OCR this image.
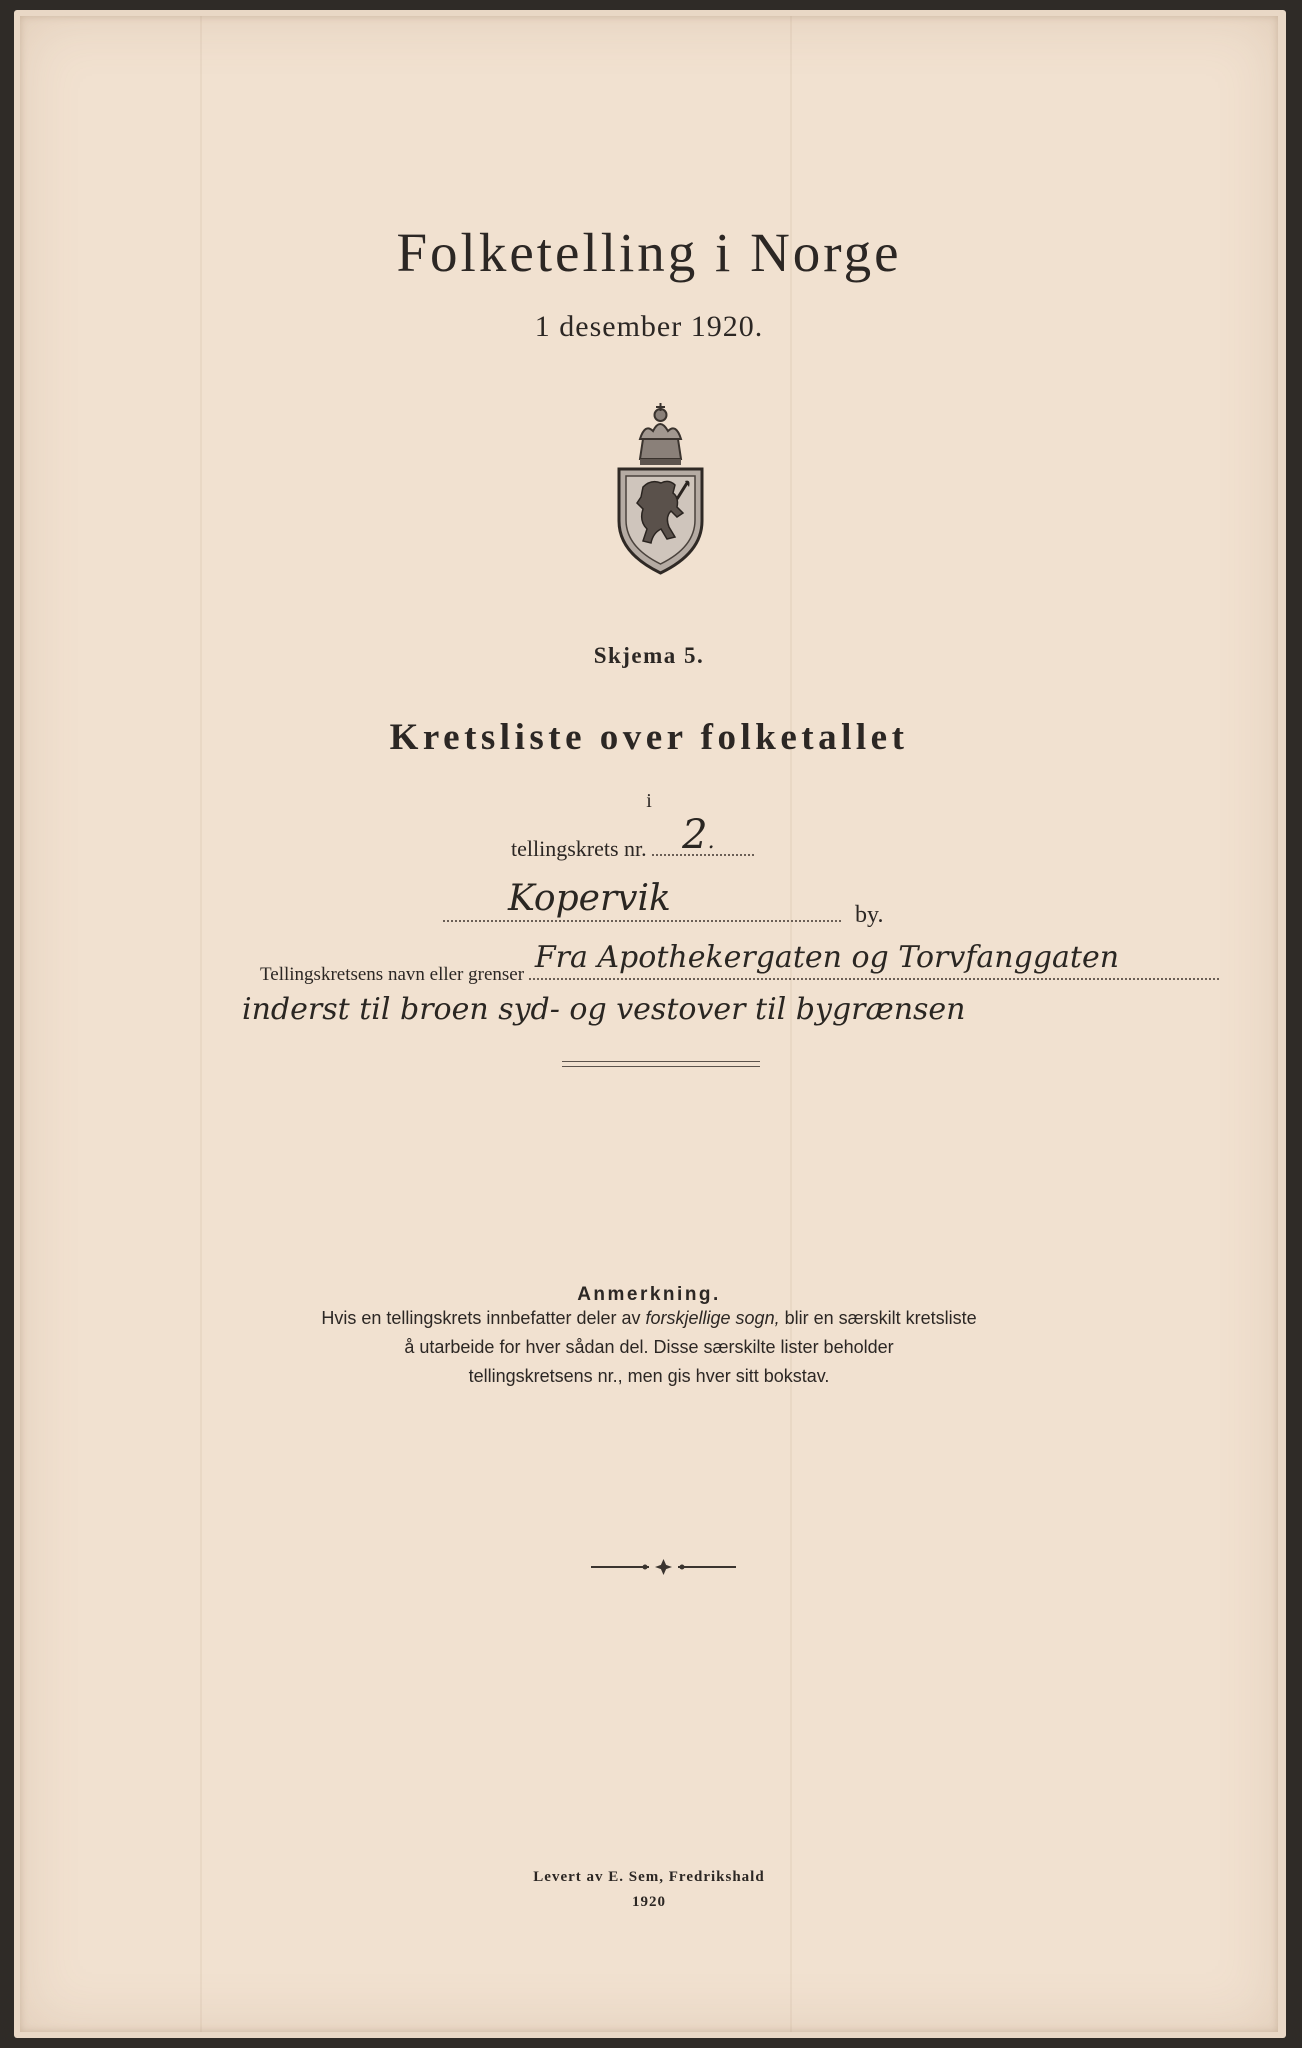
Folketelling i Norge
1 desember 1920.
Skjema 5.
Kretsliste over folketallet
i
tellingskrets nr. 2.
Kopervik	by.
Tellingskretsens navn eller grenser Fra Apothekergaten og Torvfanggaten
inderst til broen syd- og vestover til bygrænsen
Anmerkning.
Hvis en tellingskrets innbefatter deler av forskjellige sogn, blir en særskilt kretsliste
å utarbeide for hver sådan del. Disse særskilte lister beholder
tellingskretsens nr., men gis hver sitt bokstav.
Levert av E. Sem, Fredrikshald
1920
